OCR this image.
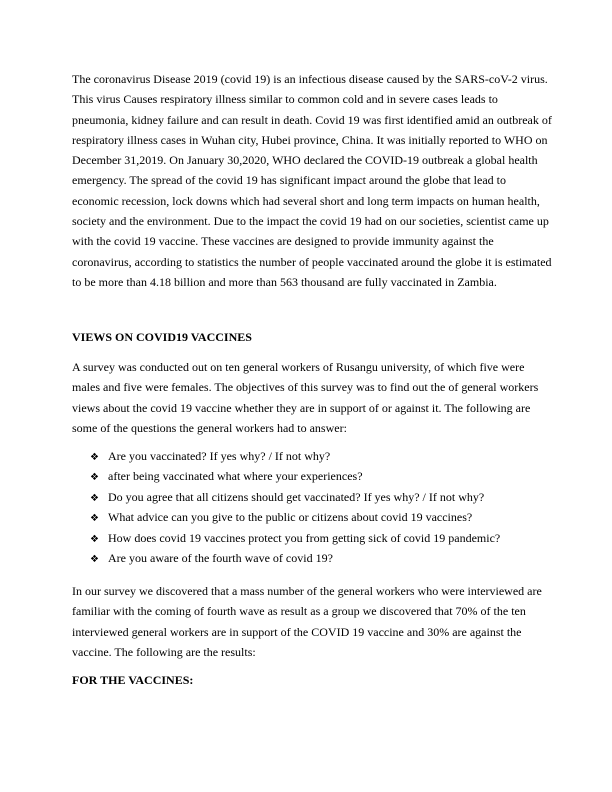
The coronavirus Disease 2019 (covid 19) is an infectious disease caused by the SARS-coV-2 virus. This virus Causes respiratory illness similar to common cold and in severe cases leads to pneumonia, kidney failure and can result in death. Covid 19 was first identified amid an outbreak of respiratory illness cases in Wuhan city, Hubei province, China. It was initially reported to WHO on December 31,2019. On January 30,2020, WHO declared the COVID-19 outbreak a global health emergency. The spread of the covid 19 has significant impact around the globe that lead to economic recession, lock downs which had several short and long term impacts on human health, society and the environment. Due to the impact the covid 19 had on our societies, scientist came up with the covid 19 vaccine. These vaccines are designed to provide immunity against the coronavirus, according to statistics the number of people vaccinated around the globe it is estimated to be more than 4.18 billion and more than 563 thousand are fully vaccinated in Zambia.

VIEWS ON COVID19 VACCINES

A survey was conducted out on ten general workers of Rusangu university, of which five were males and five were females. The objectives of this survey was to find out the of general workers views about the covid 19 vaccine whether they are in support of or against it. The following are some of the questions the general workers had to answer:

❖ Are you vaccinated? If yes why? / If not why?
❖ after being vaccinated what where your experiences?
❖ Do you agree that all citizens should get vaccinated? If yes why? / If not why?
❖ What advice can you give to the public or citizens about covid 19 vaccines?
❖ How does covid 19 vaccines protect you from getting sick of covid 19 pandemic?
❖ Are you aware of the fourth wave of covid 19?

In our survey we discovered that a mass number of the general workers who were interviewed are familiar with the coming of fourth wave as result as a group we discovered that 70% of the ten interviewed general workers are in support of the COVID 19 vaccine and 30% are against the vaccine. The following are the results:

FOR THE VACCINES:
